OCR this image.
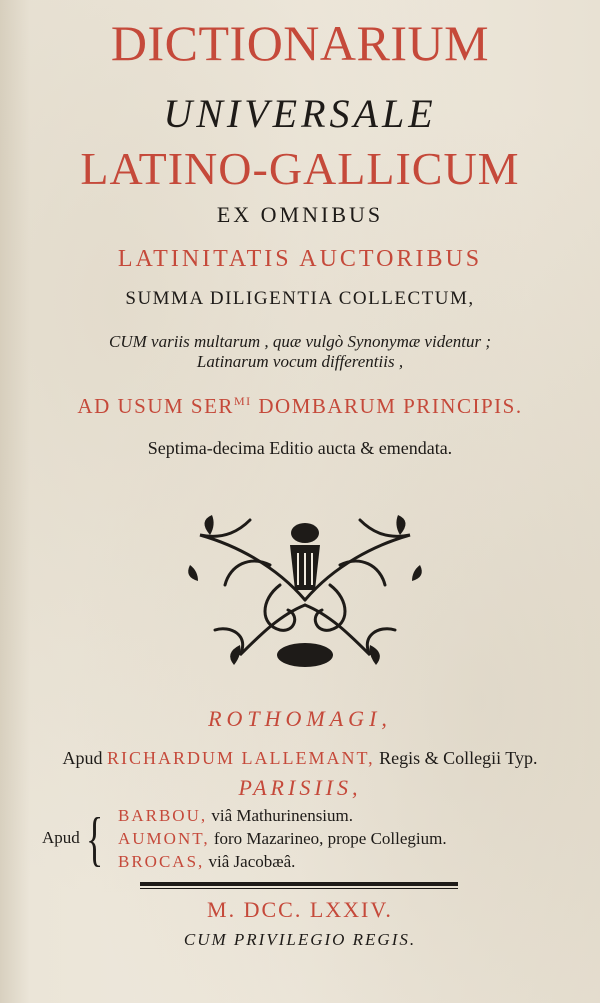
DICTIONARIUM
UNIVERSALE
LATINO-GALLICUM
EX OMNIBUS
LATINITATIS AUCTORIBUS
SUMMA DILIGENTIA COLLECTUM,
CUM variis multarum , quæ vulgò Synonymæ videntur ;
Latinarum vocum differentiis ,
AD USUM $SER^{MI}$ DOMBARUM PRINCIPIS.
Septima-decima Editio aucta & emendata.
ROTHOMAGI,
Apud RICHARDUM LALLEMANT, Regis & Collegii Typ.
PARISIIS,
Apud { BARBOU, viâ Mathurinensium.
AUMONT, foro Mazarineo, prope Collegium.
BROCAS, viâ Jacobæâ.
M. DCC. LXXIV.
CUM PRIVILEGIO REGIS.
